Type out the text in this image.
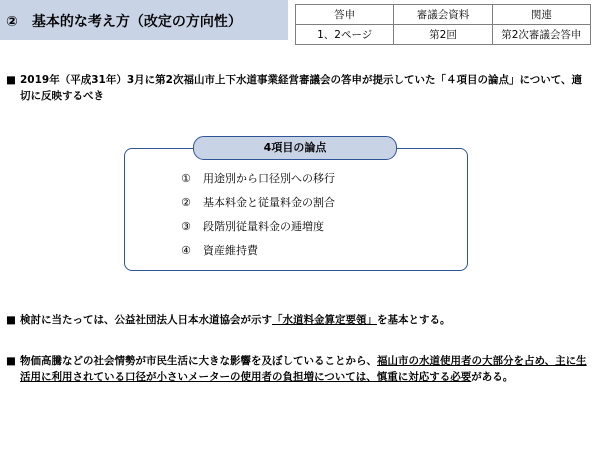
②　基本的な考え方（改定の方向性）	答申	審議会資料	関連
1、2ページ	第2回	第2次審議会答申
■ 2019年（平成31年）3月に第2次福山市上下水道事業経営審議会の答申が提示していた「４項目の論点」について、適切に反映するべき
4項目の論点
① 用途別から口径別への移行
② 基本料金と従量料金の割合
③ 段階別従量料金の逓増度
④ 資産維持費
■ 検討に当たっては、公益社団法人日本水道協会が示す「水道料金算定要領」を基本とする。
■ 物価高騰などの社会情勢が市民生活に大きな影響を及ぼしていることから、福山市の水道使用者の大部分を占め、主に生活用に利用されている口径が小さいメーターの使用者の負担増については、慎重に対応する必要がある。
